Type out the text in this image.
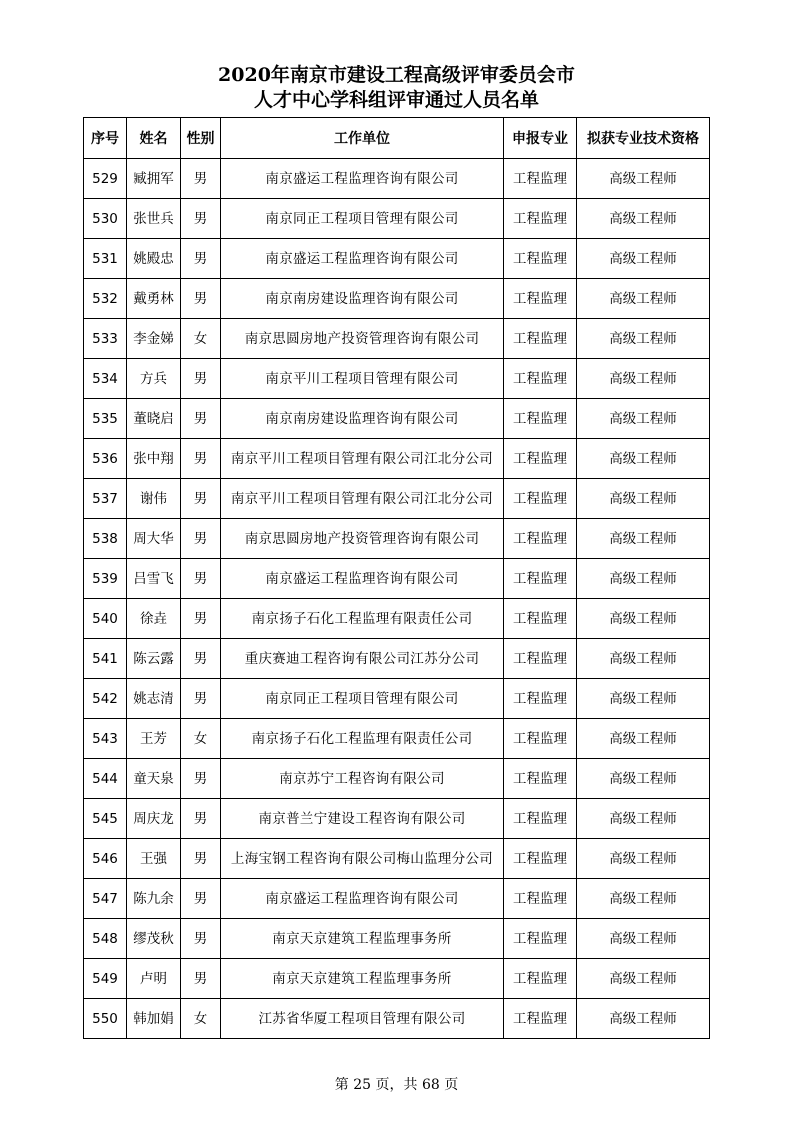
2020年南京市建设工程高级评审委员会市
人才中心学科组评审通过人员名单
序号	姓名	性别	工作单位	申报专业	拟获专业技术资格
529	臧拥军	男	南京盛运工程监理咨询有限公司	工程监理	高级工程师
530	张世兵	男	南京同正工程项目管理有限公司	工程监理	高级工程师
531	姚殿忠	男	南京盛运工程监理咨询有限公司	工程监理	高级工程师
532	戴勇林	男	南京南房建设监理咨询有限公司	工程监理	高级工程师
533	李金娣	女	南京思圆房地产投资管理咨询有限公司	工程监理	高级工程师
534	方兵	男	南京平川工程项目管理有限公司	工程监理	高级工程师
535	董晓启	男	南京南房建设监理咨询有限公司	工程监理	高级工程师
536	张中翔	男	南京平川工程项目管理有限公司江北分公司	工程监理	高级工程师
537	谢伟	男	南京平川工程项目管理有限公司江北分公司	工程监理	高级工程师
538	周大华	男	南京思圆房地产投资管理咨询有限公司	工程监理	高级工程师
539	吕雪飞	男	南京盛运工程监理咨询有限公司	工程监理	高级工程师
540	徐垚	男	南京扬子石化工程监理有限责任公司	工程监理	高级工程师
541	陈云露	男	重庆赛迪工程咨询有限公司江苏分公司	工程监理	高级工程师
542	姚志清	男	南京同正工程项目管理有限公司	工程监理	高级工程师
543	王芳	女	南京扬子石化工程监理有限责任公司	工程监理	高级工程师
544	童天泉	男	南京苏宁工程咨询有限公司	工程监理	高级工程师
545	周庆龙	男	南京普兰宁建设工程咨询有限公司	工程监理	高级工程师
546	王强	男	上海宝钢工程咨询有限公司梅山监理分公司	工程监理	高级工程师
547	陈九余	男	南京盛运工程监理咨询有限公司	工程监理	高级工程师
548	缪茂秋	男	南京天京建筑工程监理事务所	工程监理	高级工程师
549	卢明	男	南京天京建筑工程监理事务所	工程监理	高级工程师
550	韩加娟	女	江苏省华厦工程项目管理有限公司	工程监理	高级工程师
第 25 页，共 68 页
